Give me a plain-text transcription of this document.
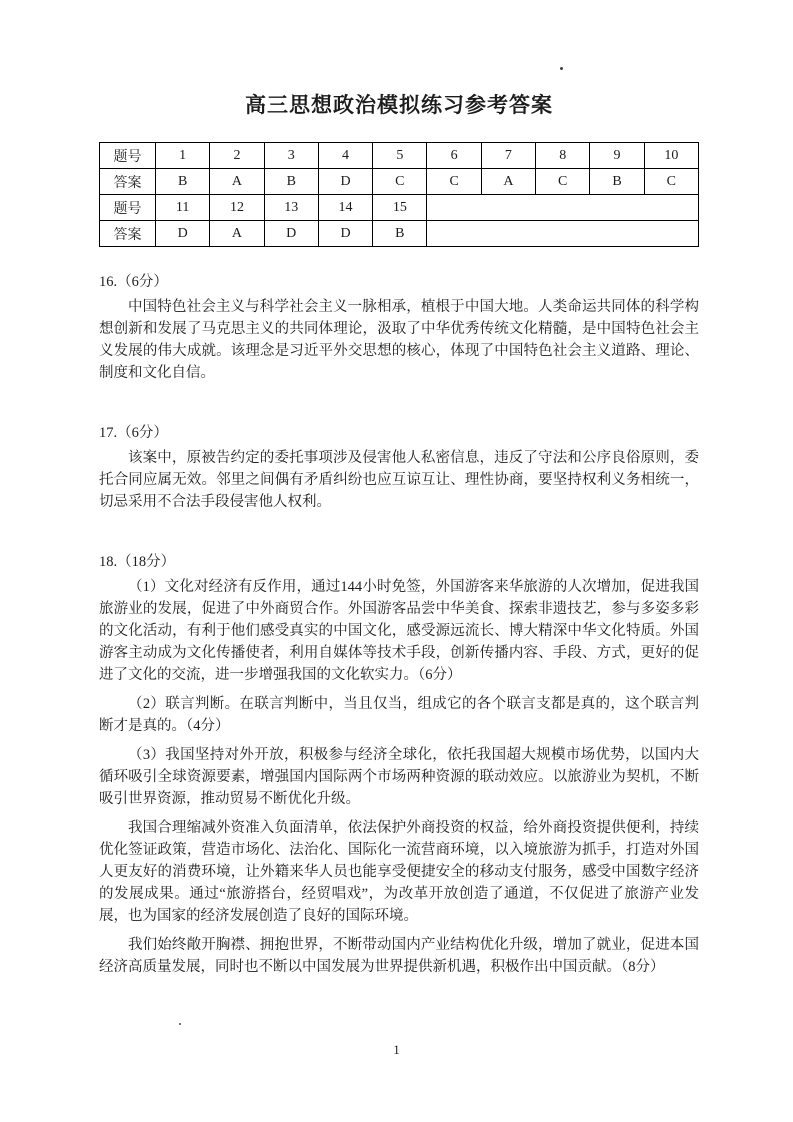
高三思想政治模拟练习参考答案
题号	1	2	3	4	5	6	7	8	9	10
答案	B	A	B	D	C	C	A	C	B	C
题号	11	12	13	14	15					
答案	D	A	D	D	B					
16.（6分）

中国特色社会主义与科学社会主义一脉相承，植根于中国大地。人类命运共同体的科学构想创新和发展了马克思主义的共同体理论，汲取了中华优秀传统文化精髓，是中国特色社会主义发展的伟大成就。该理念是习近平外交思想的核心，体现了中国特色社会主义道路、理论、制度和文化自信。

17.（6分）

该案中，原被告约定的委托事项涉及侵害他人私密信息，违反了守法和公序良俗原则，委托合同应属无效。邻里之间偶有矛盾纠纷也应互谅互让、理性协商，要坚持权利义务相统一，切忌采用不合法手段侵害他人权利。

18.（18分）

（1）文化对经济有反作用，通过144小时免签，外国游客来华旅游的人次增加，促进我国旅游业的发展，促进了中外商贸合作。外国游客品尝中华美食、探索非遗技艺，参与多姿多彩的文化活动，有利于他们感受真实的中国文化，感受源远流长、博大精深中华文化特质。外国游客主动成为文化传播使者，利用自媒体等技术手段，创新传播内容、手段、方式，更好的促进了文化的交流，进一步增强我国的文化软实力。（6分）

（2）联言判断。在联言判断中，当且仅当，组成它的各个联言支都是真的，这个联言判断才是真的。（4分）

（3）我国坚持对外开放，积极参与经济全球化，依托我国超大规模市场优势，以国内大循环吸引全球资源要素，增强国内国际两个市场两种资源的联动效应。以旅游业为契机，不断吸引世界资源，推动贸易不断优化升级。

我国合理缩减外资准入负面清单，依法保护外商投资的权益，给外商投资提供便利，持续优化签证政策，营造市场化、法治化、国际化一流营商环境，以入境旅游为抓手，打造对外国人更友好的消费环境，让外籍来华人员也能享受便捷安全的移动支付服务，感受中国数字经济的发展成果。通过“旅游搭台，经贸唱戏”，为改革开放创造了通道，不仅促进了旅游产业发展，也为国家的经济发展创造了良好的国际环境。

我们始终敞开胸襟、拥抱世界，不断带动国内产业结构优化升级，增加了就业，促进本国经济高质量发展，同时也不断以中国发展为世界提供新机遇，积极作出中国贡献。（8分）

1
